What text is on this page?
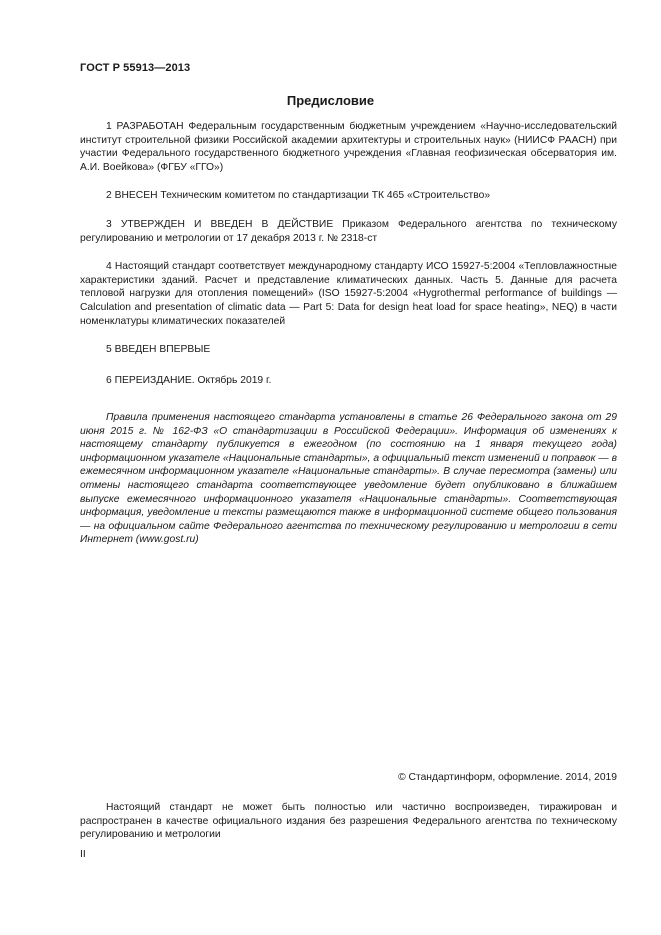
ГОСТ Р 55913—2013
Предисловие

1 РАЗРАБОТАН Федеральным государственным бюджетным учреждением «Научно-исследовательский институт строительной физики Российской академии архитектуры и строительных наук» (НИИСФ РААСН) при участии Федерального государственного бюджетного учреждения «Главная геофизическая обсерватория им. А.И. Воейкова» (ФГБУ «ГГО»)

2 ВНЕСЕН Техническим комитетом по стандартизации ТК 465 «Строительство»

3 УТВЕРЖДЕН И ВВЕДЕН В ДЕЙСТВИЕ Приказом Федерального агентства по техническому регулированию и метрологии от 17 декабря 2013 г. № 2318-ст

4 Настоящий стандарт соответствует международному стандарту ИСО 15927-5:2004 «Тепловлажностные характеристики зданий. Расчет и представление климатических данных. Часть 5. Данные для расчета тепловой нагрузки для отопления помещений» (ISO 15927-5:2004 «Hygrothermal performance of buildings — Calculation and presentation of climatic data — Part 5: Data for design heat load for space heating», NEQ) в части номенклатуры климатических показателей

5 ВВЕДЕН ВПЕРВЫЕ

6 ПЕРЕИЗДАНИЕ. Октябрь 2019 г.

Правила применения настоящего стандарта установлены в статье 26 Федерального закона от 29 июня 2015 г. № 162-ФЗ «О стандартизации в Российской Федерации». Информация об изменениях к настоящему стандарту публикуется в ежегодном (по состоянию на 1 января текущего года) информационном указателе «Национальные стандарты», а официальный текст изменений и поправок — в ежемесячном информационном указателе «Национальные стандарты». В случае пересмотра (замены) или отмены настоящего стандарта соответствующее уведомление будет опубликовано в ближайшем выпуске ежемесячного информационного указателя «Национальные стандарты». Соответствующая информация, уведомление и тексты размещаются также в информационной системе общего пользования — на официальном сайте Федерального агентства по техническому регулированию и метрологии в сети Интернет (www.gost.ru)
© Стандартинформ, оформление. 2014, 2019
Настоящий стандарт не может быть полностью или частично воспроизведен, тиражирован и распространен в качестве официального издания без разрешения Федерального агентства по техническому регулированию и метрологии
II
